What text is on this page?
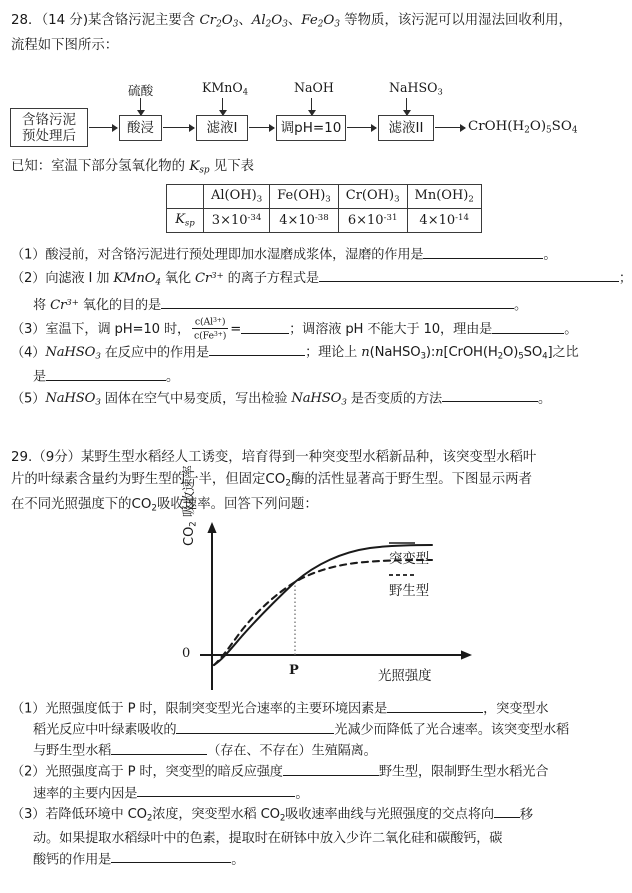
28．（14 分)某含铬污泥主要含 $Cr_2O_3$、$Al_2O_3$、$Fe_2O_3$ 等物质，该污泥可以用湿法回收利用，
流程如下图所示：
硫酸	KMnO$_4$	NaOH	NaHSO$_3$
含铬污泥
预处理后	酸浸	滤液I	调pH=10	滤液II	$CrOH(H_2O)_5SO_4$
已知：室温下部分氢氧化物的 $K_{sp}$ 见下表
	$Al(OH)_3$	$Fe(OH)_3$	$Cr(OH)_3$	$Mn(OH)_2$
$K_{sp}$	$3\times 10^{-34}$	$4\times 10^{-38}$	$6\times 10^{-31}$	$4\times 10^{-14}$
（1）酸浸前，对含铬污泥进行预处理即加水湿磨成浆体，湿磨的作用是	。
（2）向滤液 I 加 KMnO$_4$ 氧化 $Cr^{3+}$ 的离子方程式是	；
将 $Cr^{3+}$ 氧化的目的是	。
（3）室温下，调 pH=10 时， $\frac{c(Al^{3+})}{c(Fe^{3+})}$ =	；调溶液 pH 不能大于 10，理由是	。
（4）NaHSO$_3$ 在反应中的作用是	；理论上 $n(NaHSO_3):n[CrOH(H_2O)_5SO_4]$之比
是	。
（5）NaHSO$_3$ 固体在空气中易变质，写出检验 NaHSO$_3$ 是否变质的方法	。
29.（9分）某野生型水稻经人工诱变，培育得到一种突变型水稻新品种，该突变型水稻叶
片的叶绿素含量约为野生型的一半，但固定$CO_2$酶的活性显著高于野生型。下图显示两者
在不同光照强度下的$CO_2$吸收速率。回答下列问题：
$CO_2$ 吸收速率
0
P	光照强度
突变型
野生型
（1）光照强度低于 P 时，限制突变型光合速率的主要环境因素是	，突变型水
稻光反应中叶绿素吸收的	光减少而降低了光合速率。该突变型水稻
与野生型水稻	（存在、不存在）生殖隔离。
（2）光照强度高于 P 时，突变型的暗反应强度	野生型，限制野生型水稻光合
速率的主要内因是	。
（3）若降低环境中 $CO_2$浓度，突变型水稻 $CO_2$吸收速率曲线与光照强度的交点将向 移
动。如果提取水稻绿叶中的色素，提取时在研钵中放入少许二氧化硅和碳酸钙，碳
酸钙的作用是	。
